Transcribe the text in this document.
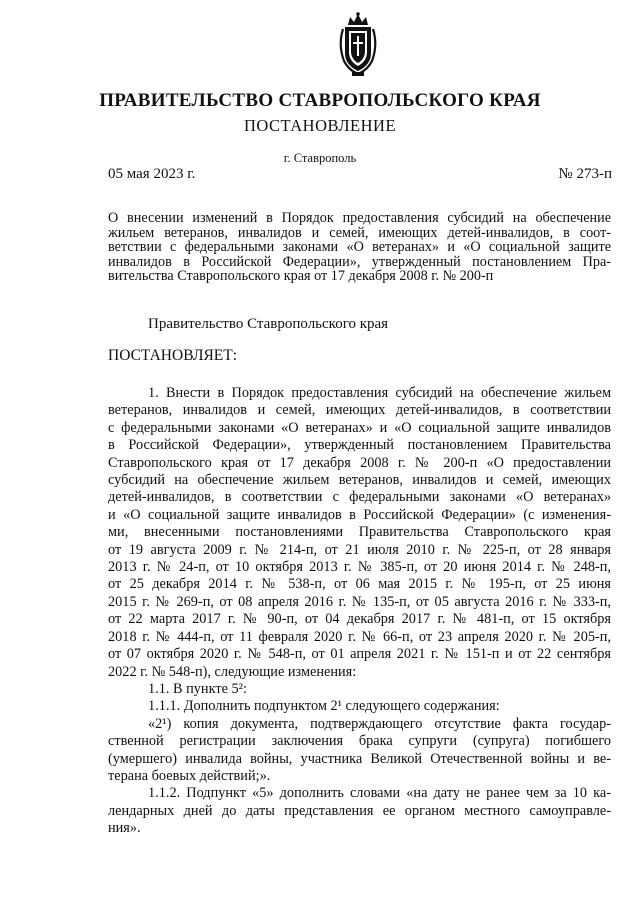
ПРАВИТЕЛЬСТВО СТАВРОПОЛЬСКОГО КРАЯ
ПОСТАНОВЛЕНИЕ
г. Ставрополь
05 мая 2023 г.	№ 273-п
О внесении изменений в Порядок предоставления субсидий на обеспечение
жильем ветеранов, инвалидов и семей, имеющих детей-инвалидов, в соот-
ветствии с федеральными законами «О ветеранах» и «О социальной защите
инвалидов в Российской Федерации», утвержденный постановлением Пра-
вительства Ставропольского края от 17 декабря 2008 г. № 200-п
Правительство Ставропольского края
ПОСТАНОВЛЯЕТ:
1. Внести в Порядок предоставления субсидий на обеспечение жильем
ветеранов, инвалидов и семей, имеющих детей-инвалидов, в соответствии
с федеральными законами «О ветеранах» и «О социальной защите инвалидов
в Российской Федерации», утвержденный постановлением Правительства
Ставропольского края от 17 декабря 2008 г. № 200-п «О предоставлении
субсидий на обеспечение жильем ветеранов, инвалидов и семей, имеющих
детей-инвалидов, в соответствии с федеральными законами «О ветеранах»
и «О социальной защите инвалидов в Российской Федерации» (с изменения-
ми, внесенными постановлениями Правительства Ставропольского края
от 19 августа 2009 г. № 214-п, от 21 июля 2010 г. № 225-п, от 28 января
2013 г. № 24-п, от 10 октября 2013 г. № 385-п, от 20 июня 2014 г. № 248-п,
от 25 декабря 2014 г. № 538-п, от 06 мая 2015 г. № 195-п, от 25 июня
2015 г. № 269-п, от 08 апреля 2016 г. № 135-п, от 05 августа 2016 г. № 333-п,
от 22 марта 2017 г. № 90-п, от 04 декабря 2017 г. № 481-п, от 15 октября
2018 г. № 444-п, от 11 февраля 2020 г. № 66-п, от 23 апреля 2020 г. № 205-п,
от 07 октября 2020 г. № 548-п, от 01 апреля 2021 г. № 151-п и от 22 сентября
2022 г. № 548-п), следующие изменения:
1.1. В пункте 5²:
1.1.1. Дополнить подпунктом 2¹ следующего содержания:
«2¹) копия документа, подтверждающего отсутствие факта государ-
ственной регистрации заключения брака супруги (супруга) погибшего
(умершего) инвалида войны, участника Великой Отечественной войны и ве-
терана боевых действий;».
1.1.2. Подпункт «5» дополнить словами «на дату не ранее чем за 10 ка-
лендарных дней до даты представления ее органом местного самоуправле-
ния».
